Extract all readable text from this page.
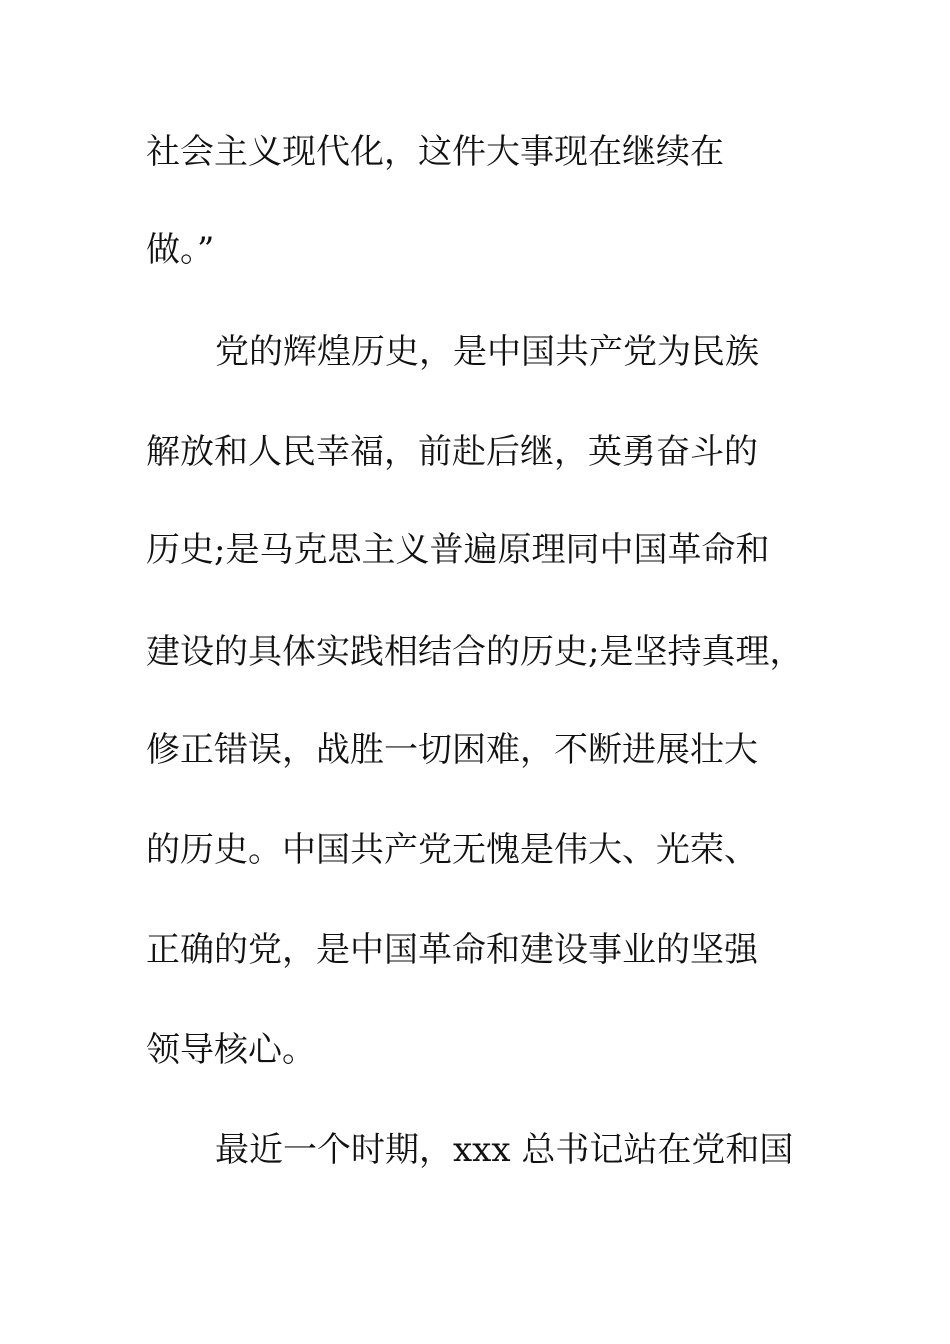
社会主义现代化，这件大事现在继续在
做。”
党的辉煌历史，是中国共产党为民族
解放和人民幸福，前赴后继，英勇奋斗的
历史;是马克思主义普遍原理同中国革命和
建设的具体实践相结合的历史;是坚持真理，
修正错误，战胜一切困难，不断进展壮大
的历史。中国共产党无愧是伟大、光荣、
正确的党，是中国革命和建设事业的坚强
领导核心。
最近一个时期，xxx 总书记站在党和国
